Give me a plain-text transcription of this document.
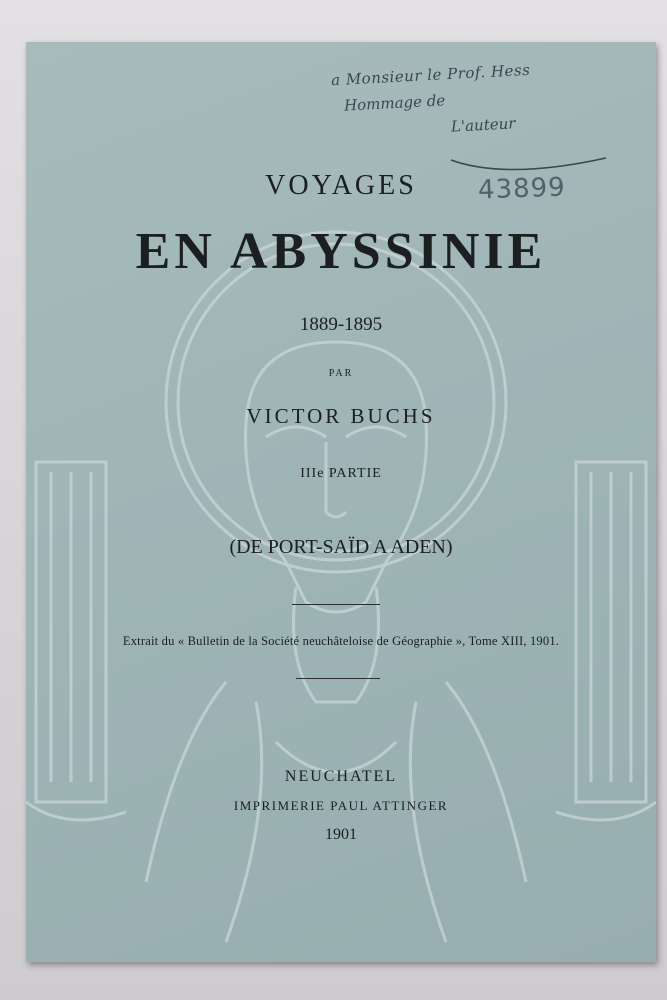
a Monsieur le Prof. Hess
Hommage de
L'auteur
43899
VOYAGES
EN ABYSSINIE
1889-1895
PAR
VICTOR BUCHS
IIIe PARTIE
(DE PORT-SAÏD A ADEN)
Extrait du « Bulletin de la Société neuchâteloise de Géographie », Tome XIII, 1901.
NEUCHATEL
IMPRIMERIE PAUL ATTINGER
1901
